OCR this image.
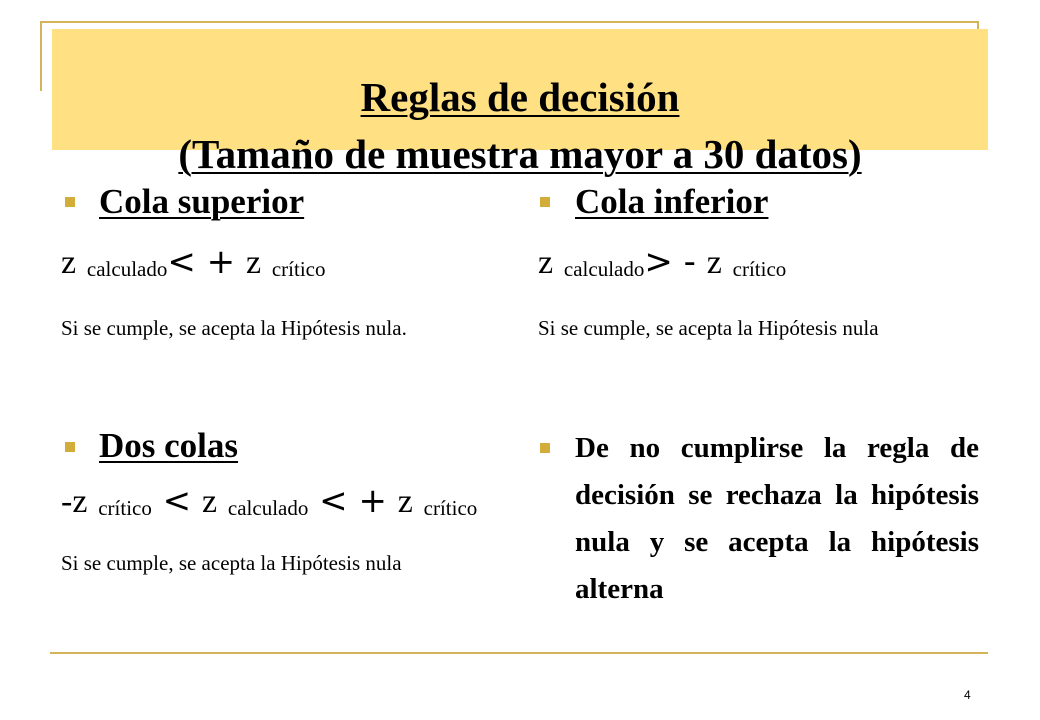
Reglas de decisión
(Tamaño de muestra mayor a 30 datos)
Cola superior
z calculado< + z crítico
Si se cumple, se acepta la Hipótesis nula.
Cola inferior
z calculado> - z crítico
Si se cumple, se acepta la Hipótesis nula
Dos colas
-z crítico < z calculado < + z crítico
Si se cumple, se acepta la Hipótesis nula
De no cumplirse la regla de decisión se rechaza la hipótesis nula y se acepta la hipótesis alterna
4
